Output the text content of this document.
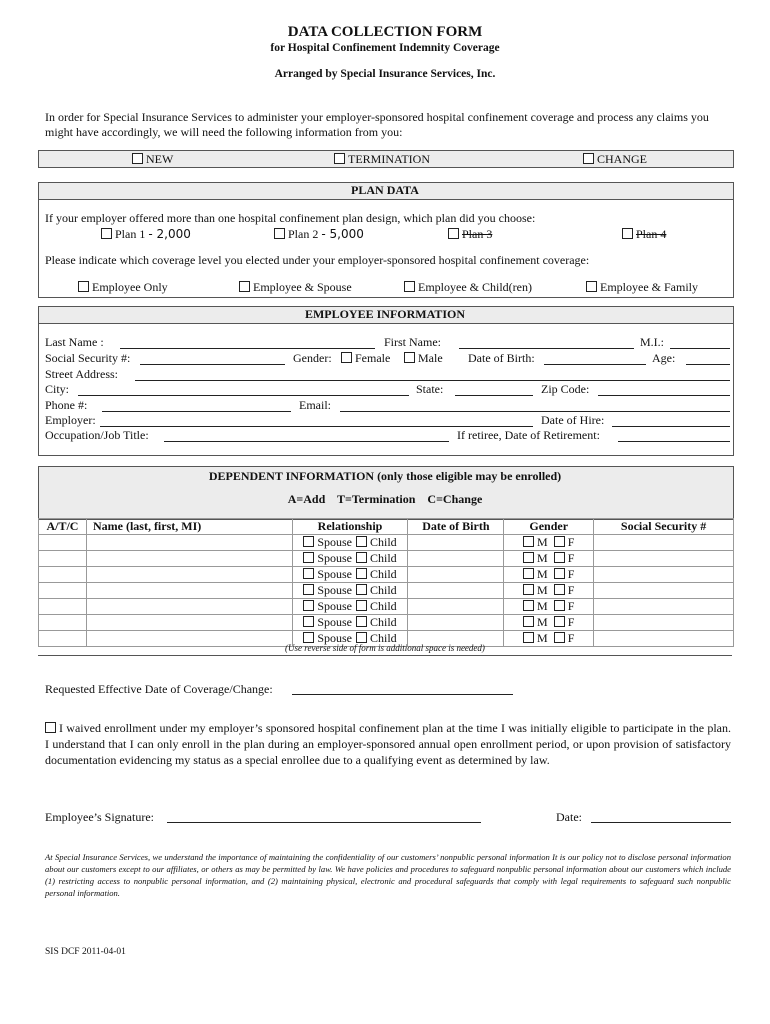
DATA COLLECTION FORM
for Hospital Confinement Indemnity Coverage
Arranged by Special Insurance Services, Inc.
In order for Special Insurance Services to administer your employer-sponsored hospital confinement coverage and process any claims you might have accordingly, we will need the following information from you:
NEW	TERMINATION	CHANGE
PLAN DATA
If your employer offered more than one hospital confinement plan design, which plan did you choose:
Plan 1 - 2,000	Plan 2 - 5,000	Plan 3	Plan 4
Please indicate which coverage level you elected under your employer-sponsored hospital confinement coverage:
Employee Only	Employee & Spouse	Employee & Child(ren)	Employee & Family
EMPLOYEE INFORMATION
Last Name :	First Name:	M.I.:
Social Security #:	Gender:	Female	Male Date of Birth:	Age:
Street Address:
City:	State:	Zip Code:
Phone #:	Email:
Employer:	Date of Hire:
Occupation/Job Title:	If retiree, Date of Retirement:
DEPENDENT INFORMATION (only those eligible may be enrolled)
A=Add    T=Termination    C=Change
A/T/C	Name (last, first, MI)	Relationship	Date of Birth	Gender	Social Security #
		Spouse Child		M F	
		Spouse Child		M F	
		Spouse Child		M F	
		Spouse Child		M F	
		Spouse Child		M F	
		Spouse Child		M F	
		Spouse Child		M F	
(Use reverse side of form is additional space is needed)
Requested Effective Date of Coverage/Change:
I waived enrollment under my employer’s sponsored hospital confinement plan at the time I was initially eligible to participate in the plan. I understand that I can only enroll in the plan during an employer-sponsored annual open enrollment period, or upon provision of satisfactory documentation evidencing my status as a special enrollee due to a qualifying event as determined by law.
Employee’s Signature:	Date:
At Special Insurance Services, we understand the importance of maintaining the confidentiality of our customers’ nonpublic personal information It is our policy not to disclose personal information about our customers except to our affiliates, or others as may be permitted by law. We have policies and procedures to safeguard nonpublic personal information about our customers which include (1) restricting access to nonpublic personal information, and (2) maintaining physical, electronic and procedural safeguards that comply with legal requirements to safeguard such nonpublic personal information.
SIS DCF 2011-04-01
